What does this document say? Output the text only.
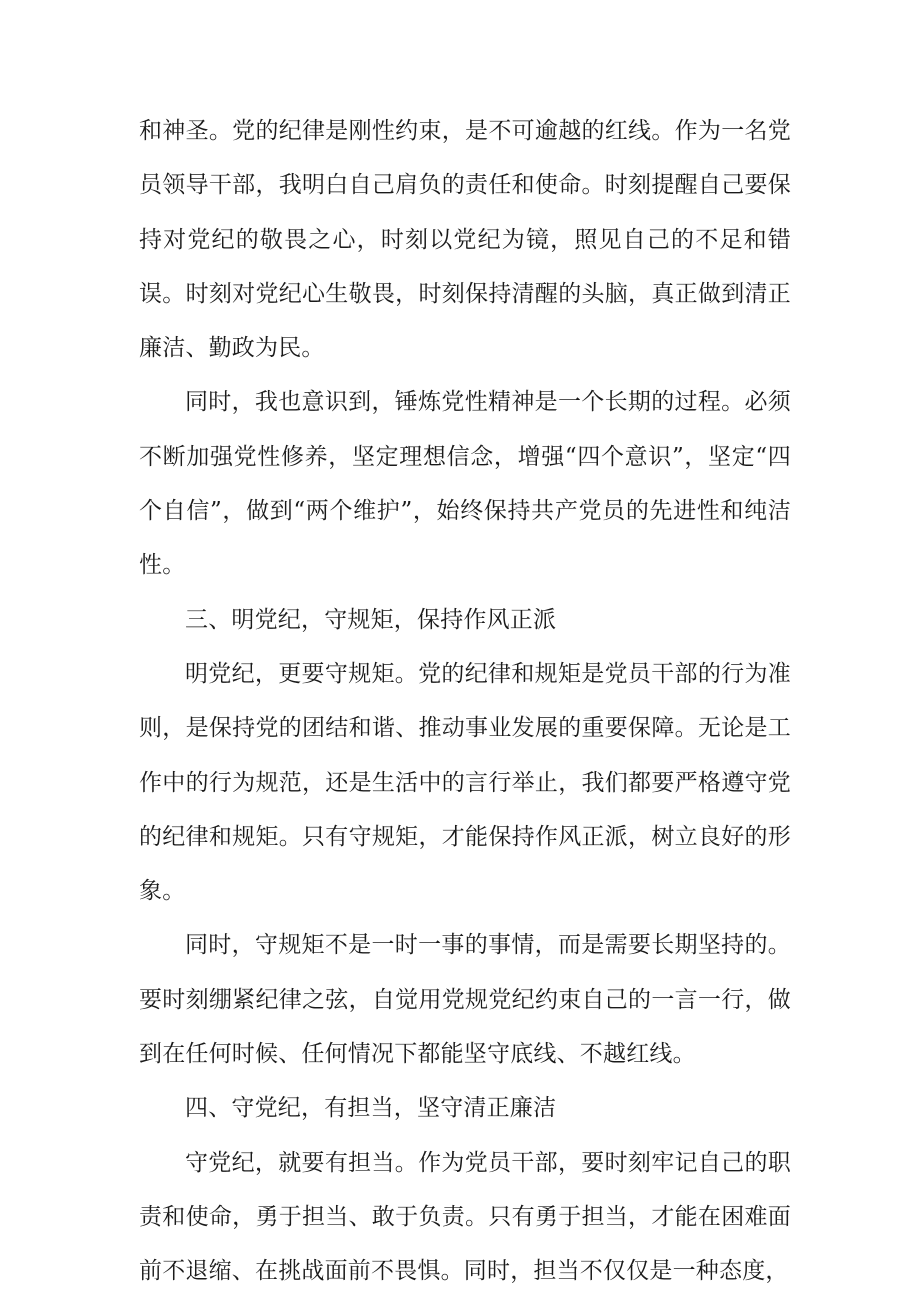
和神圣。党的纪律是刚性约束，是不可逾越的红线。作为一名党员领导干部，我明白自己肩负的责任和使命。时刻提醒自己要保持对党纪的敬畏之心，时刻以党纪为镜，照见自己的不足和错误。时刻对党纪心生敬畏，时刻保持清醒的头脑，真正做到清正廉洁、勤政为民。

同时，我也意识到，锤炼党性精神是一个长期的过程。必须不断加强党性修养，坚定理想信念，增强“四个意识”，坚定“四个自信”，做到“两个维护”，始终保持共产党员的先进性和纯洁性。

三、明党纪，守规矩，保持作风正派

明党纪，更要守规矩。党的纪律和规矩是党员干部的行为准则，是保持党的团结和谐、推动事业发展的重要保障。无论是工作中的行为规范，还是生活中的言行举止，我们都要严格遵守党的纪律和规矩。只有守规矩，才能保持作风正派，树立良好的形象。

同时，守规矩不是一时一事的事情，而是需要长期坚持的。要时刻绷紧纪律之弦，自觉用党规党纪约束自己的一言一行，做到在任何时候、任何情况下都能坚守底线、不越红线。

四、守党纪，有担当，坚守清正廉洁

守党纪，就要有担当。作为党员干部，要时刻牢记自己的职责和使命，勇于担当、敢于负责。只有勇于担当，才能在困难面前不退缩、在挑战面前不畏惧。同时，担当不仅仅是一种态度，
